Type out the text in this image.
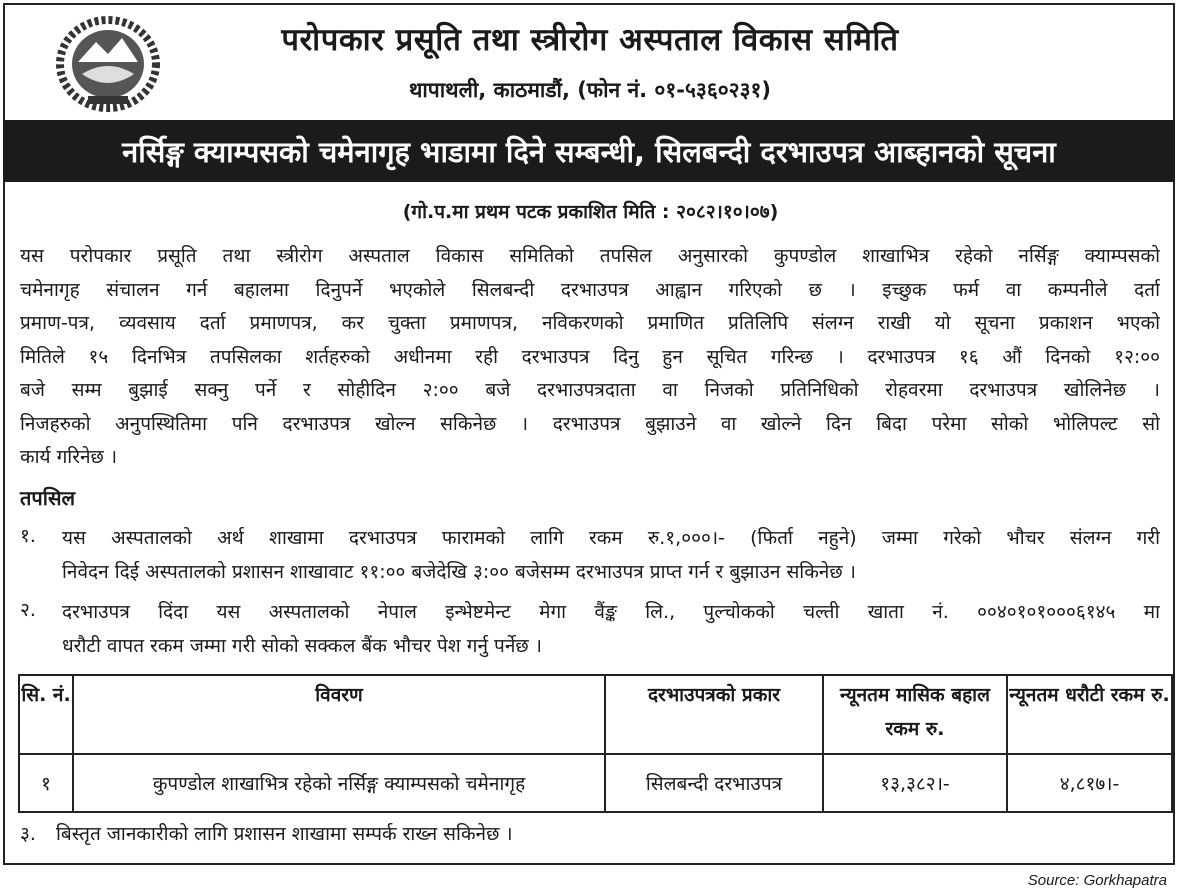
परोपकार प्रसूति तथा स्त्रीरोग अस्पताल विकास समिति
थापाथली, काठमाडौं, (फोन नं. ०१-५३६०२३१)
नर्सिङ्ग क्याम्पसको चमेनागृह भाडामा दिने सम्बन्धी, सिलबन्दी दरभाउपत्र आब्हानको सूचना
(गो.प.मा प्रथम पटक प्रकाशित मिति : २०८२।१०।०७)
यस परोपकार प्रसूति तथा स्त्रीरोग अस्पताल विकास समितिको तपसिल अनुसारको कुपण्डोल शाखाभित्र रहेको नर्सिङ्ग क्याम्पसको
चमेनागृह संचालन गर्न बहालमा दिनुपर्ने भएकोले सिलबन्दी दरभाउपत्र आह्वान गरिएको छ । इच्छुक फर्म वा कम्पनीले दर्ता
प्रमाण-पत्र, व्यवसाय दर्ता प्रमाणपत्र, कर चुक्ता प्रमाणपत्र, नविकरणको प्रमाणित प्रतिलिपि संलग्न राखी यो सूचना प्रकाशन भएको
मितिले १५ दिनभित्र तपसिलका शर्तहरुको अधीनमा रही दरभाउपत्र दिनु हुन सूचित गरिन्छ । दरभाउपत्र १६ औं दिनको १२:००
बजे सम्म बुझाई सक्नु पर्ने र सोहीदिन २:०० बजे दरभाउपत्रदाता वा निजको प्रतिनिधिको रोहवरमा दरभाउपत्र खोलिनेछ ।
निजहरुको अनुपस्थितिमा पनि दरभाउपत्र खोल्न सकिनेछ । दरभाउपत्र बुझाउने वा खोल्ने दिन बिदा परेमा सोको भोलिपल्ट सो
कार्य गरिनेछ ।
तपसिल
१.	यस अस्पतालको अर्थ शाखामा दरभाउपत्र फारामको लागि रकम रु.१,०००।- (फिर्ता नहुने) जम्मा गरेको भौचर संलग्न गरी
निवेदन दिई अस्पतालको प्रशासन शाखावाट ११:०० बजेदेखि ३:०० बजेसम्म दरभाउपत्र प्राप्त गर्न र बुझाउन सकिनेछ ।
२.	दरभाउपत्र दिंदा यस अस्पतालको नेपाल इन्भेष्टमेन्ट मेगा वैंङ्क लि., पुल्चोकको चल्ती खाता नं. ००४०१०१०००६१४५ मा
धरौटी वापत रकम जम्मा गरी सोको सक्कल बैंक भौचर पेश गर्नु पर्नेछ ।
सि. नं.	विवरण	दरभाउपत्रको प्रकार	न्यूनतम मासिक बहाल रकम रु.	न्यूनतम धरौटी रकम रु.
१	कुपण्डोल शाखाभित्र रहेको नर्सिङ्ग क्याम्पसको चमेनागृह	सिलबन्दी दरभाउपत्र	१३,३८२।-	४,८१७।-
३. बिस्तृत जानकारीको लागि प्रशासन शाखामा सम्पर्क राख्न सकिनेछ ।
Source: Gorkhapatra
